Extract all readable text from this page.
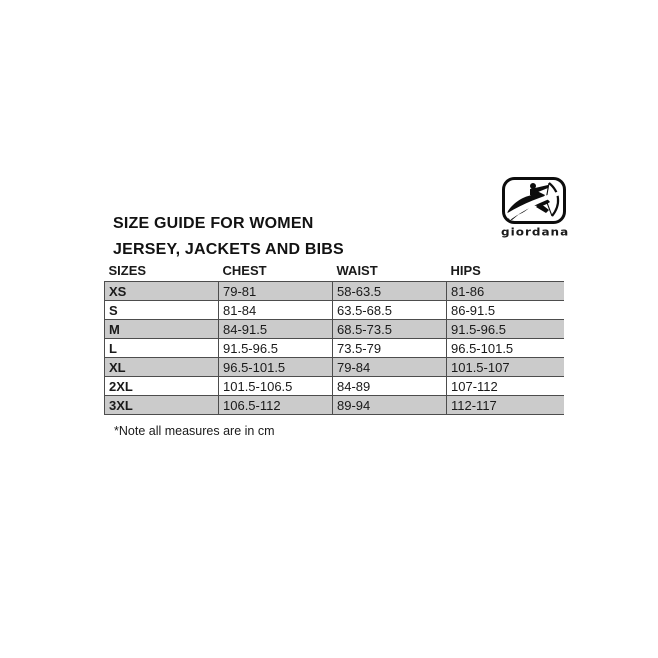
SIZE GUIDE FOR WOMEN
JERSEY, JACKETS AND BIBS
giordana
SIZES	CHEST	WAIST	HIPS
XS	79-81	58-63.5	81-86
S	81-84	63.5-68.5	86-91.5
M	84-91.5	68.5-73.5	91.5-96.5
L	91.5-96.5	73.5-79	96.5-101.5
XL	96.5-101.5	79-84	101.5-107
2XL	101.5-106.5	84-89	107-112
3XL	106.5-112	89-94	112-117
*Note all measures are in cm
